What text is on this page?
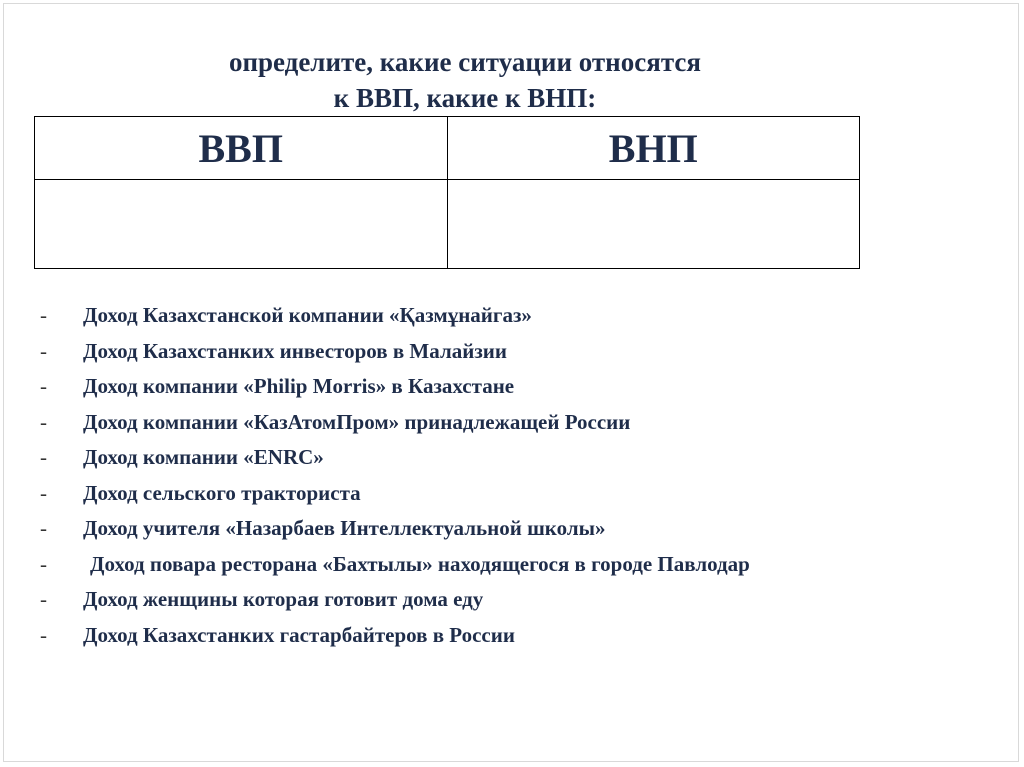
определите, какие ситуации относятся
к ВВП, какие к ВНП:
ВВП	ВНП

- Доход Казахстанской компании «Қазмұнайгаз»
- Доход Казахстанких инвесторов в Малайзии
- Доход компании «Philip Morris» в Казахстане
- Доход компании «КазАтомПром» принадлежащей России
- Доход компании «ENRC»
- Доход сельского тракториста
- Доход учителя «Назарбаев Интеллектуальной школы»
- Доход повара ресторана «Бахтылы» находящегося в городе Павлодар
- Доход женщины которая готовит дома еду
- Доход Казахстанких гастарбайтеров в России
